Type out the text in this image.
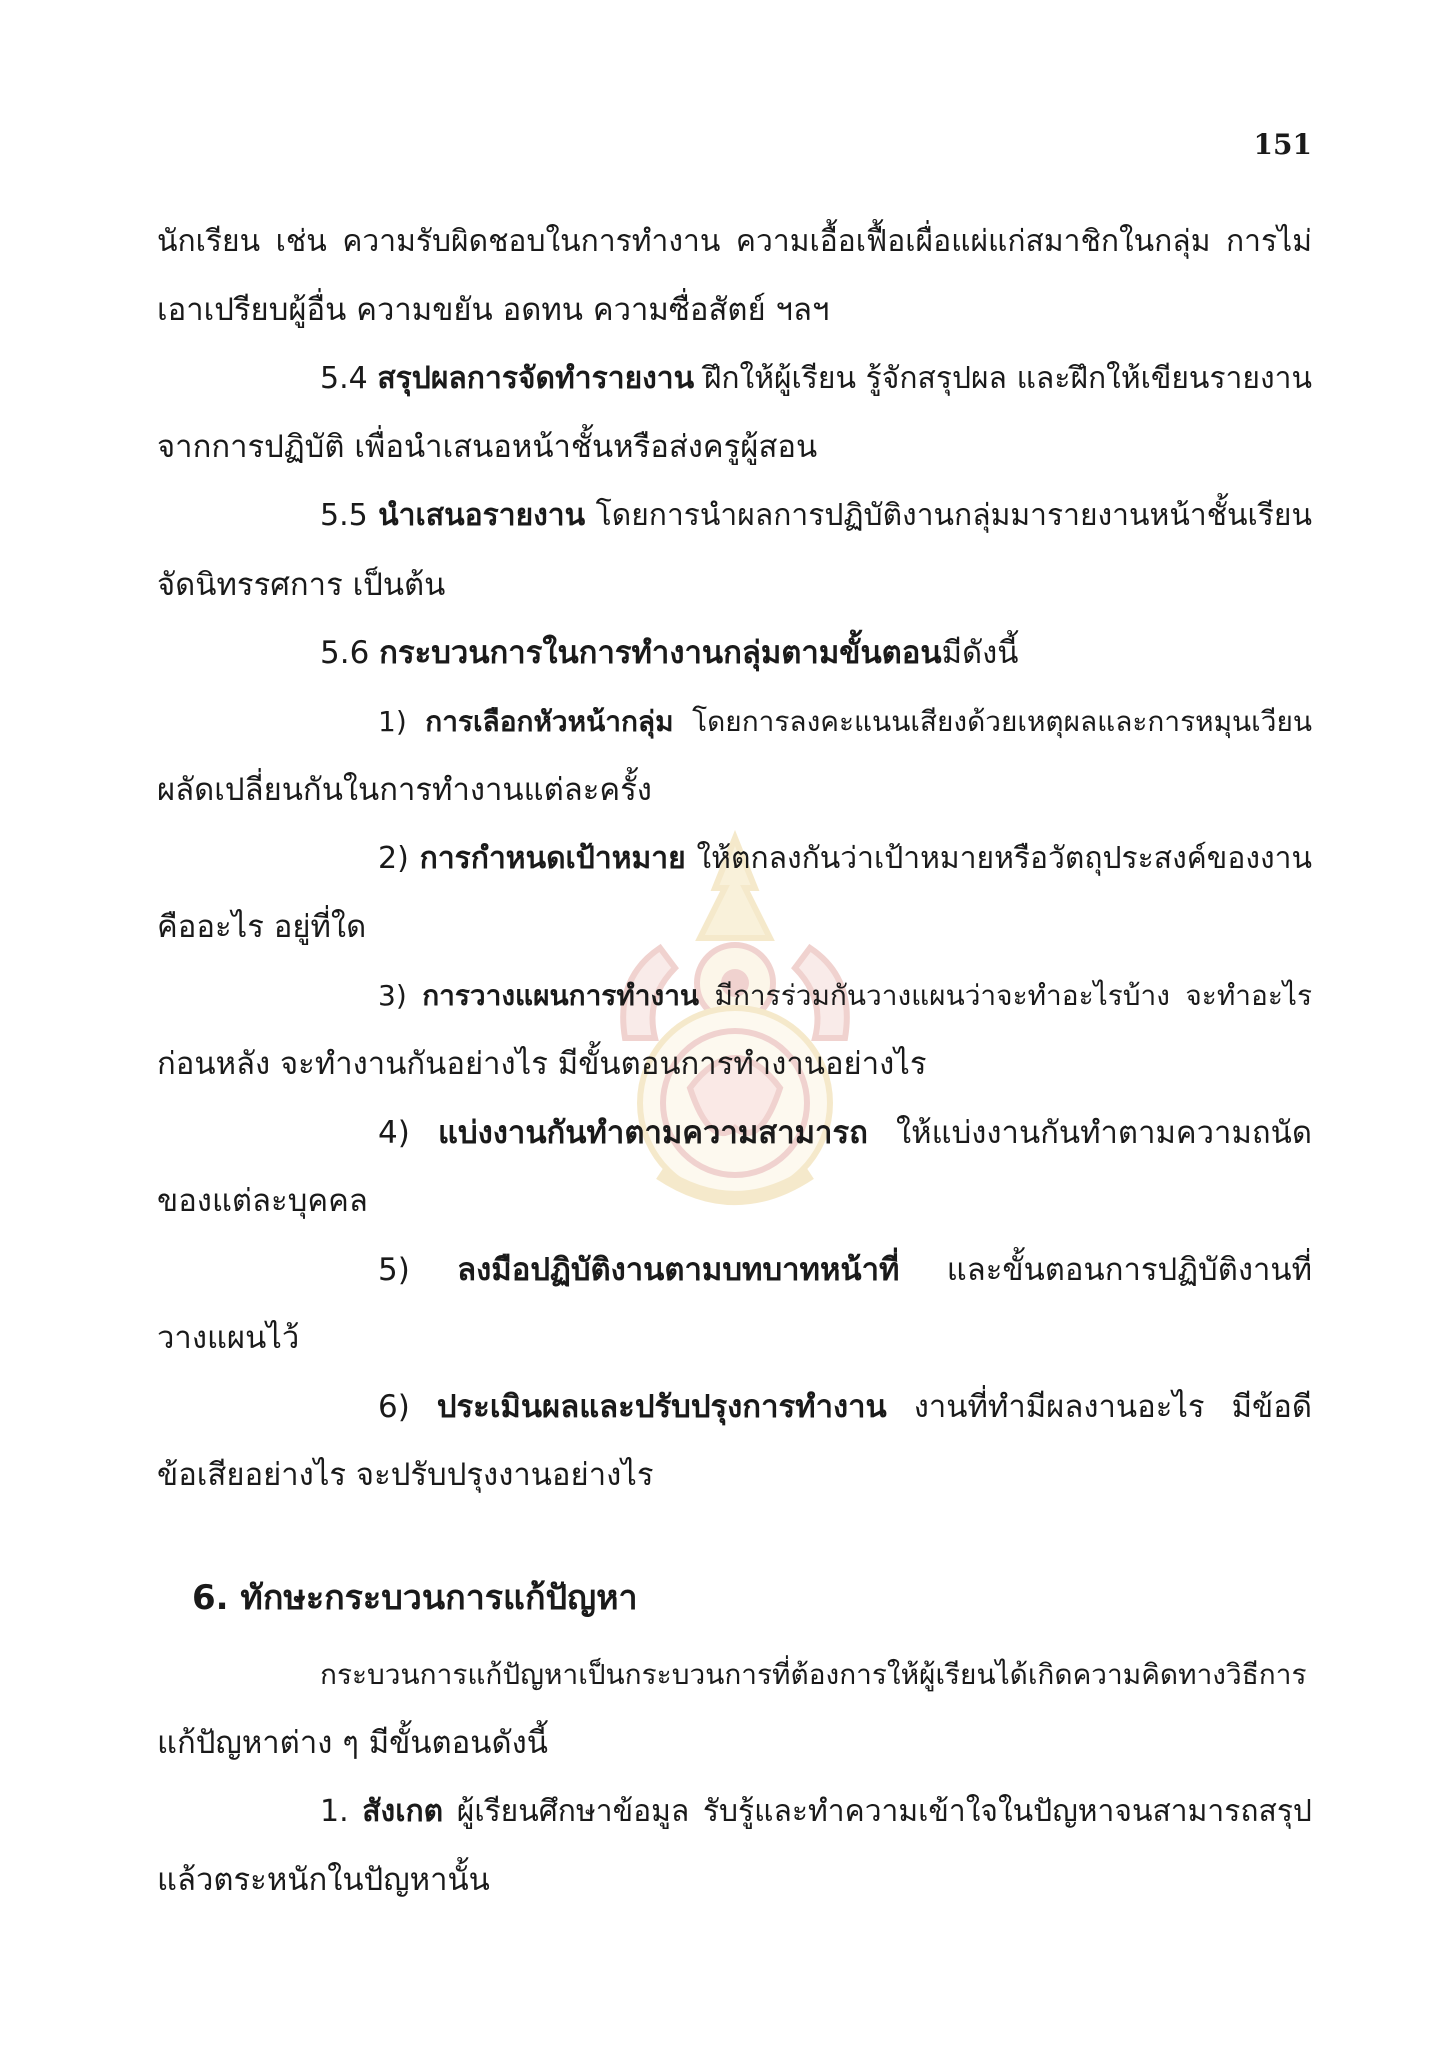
151
นักเรียน เช่น ความรับผิดชอบในการทำงาน ความเอื้อเฟื้อเผื่อแผ่แก่สมาชิกในกลุ่ม การไม่
เอาเปรียบผู้อื่น ความขยัน อดทน ความซื่อสัตย์ ฯลฯ
5.4 สรุปผลการจัดทำรายงาน ฝึกให้ผู้เรียน รู้จักสรุปผล และฝึกให้เขียนรายงาน
จากการปฏิบัติ เพื่อนำเสนอหน้าชั้นหรือส่งครูผู้สอน
5.5 นำเสนอรายงาน โดยการนำผลการปฏิบัติงานกลุ่มมารายงานหน้าชั้นเรียน
จัดนิทรรศการ เป็นต้น
5.6 กระบวนการในการทำงานกลุ่มตามขั้นตอนมีดังนี้
1) การเลือกหัวหน้ากลุ่ม โดยการลงคะแนนเสียงด้วยเหตุผลและการหมุนเวียน
ผลัดเปลี่ยนกันในการทำงานแต่ละครั้ง
2) การกำหนดเป้าหมาย ให้ตกลงกันว่าเป้าหมายหรือวัตถุประสงค์ของงาน
คืออะไร อยู่ที่ใด
3) การวางแผนการทำงาน มีการร่วมกันวางแผนว่าจะทำอะไรบ้าง จะทำอะไร
ก่อนหลัง จะทำงานกันอย่างไร มีขั้นตอนการทำงานอย่างไร
4) แบ่งงานกันทำตามความสามารถ ให้แบ่งงานกันทำตามความถนัด
ของแต่ละบุคคล
5) ลงมือปฏิบัติงานตามบทบาทหน้าที่ และขั้นตอนการปฏิบัติงานที่
วางแผนไว้
6) ประเมินผลและปรับปรุงการทำงาน งานที่ทำมีผลงานอะไร มีข้อดี
ข้อเสียอย่างไร จะปรับปรุงงานอย่างไร
6. ทักษะกระบวนการแก้ปัญหา
กระบวนการแก้ปัญหาเป็นกระบวนการที่ต้องการให้ผู้เรียนได้เกิดความคิดทางวิธีการ
แก้ปัญหาต่าง ๆ มีขั้นตอนดังนี้
1. สังเกต ผู้เรียนศึกษาข้อมูล รับรู้และทำความเข้าใจในปัญหาจนสามารถสรุป
แล้วตระหนักในปัญหานั้น
